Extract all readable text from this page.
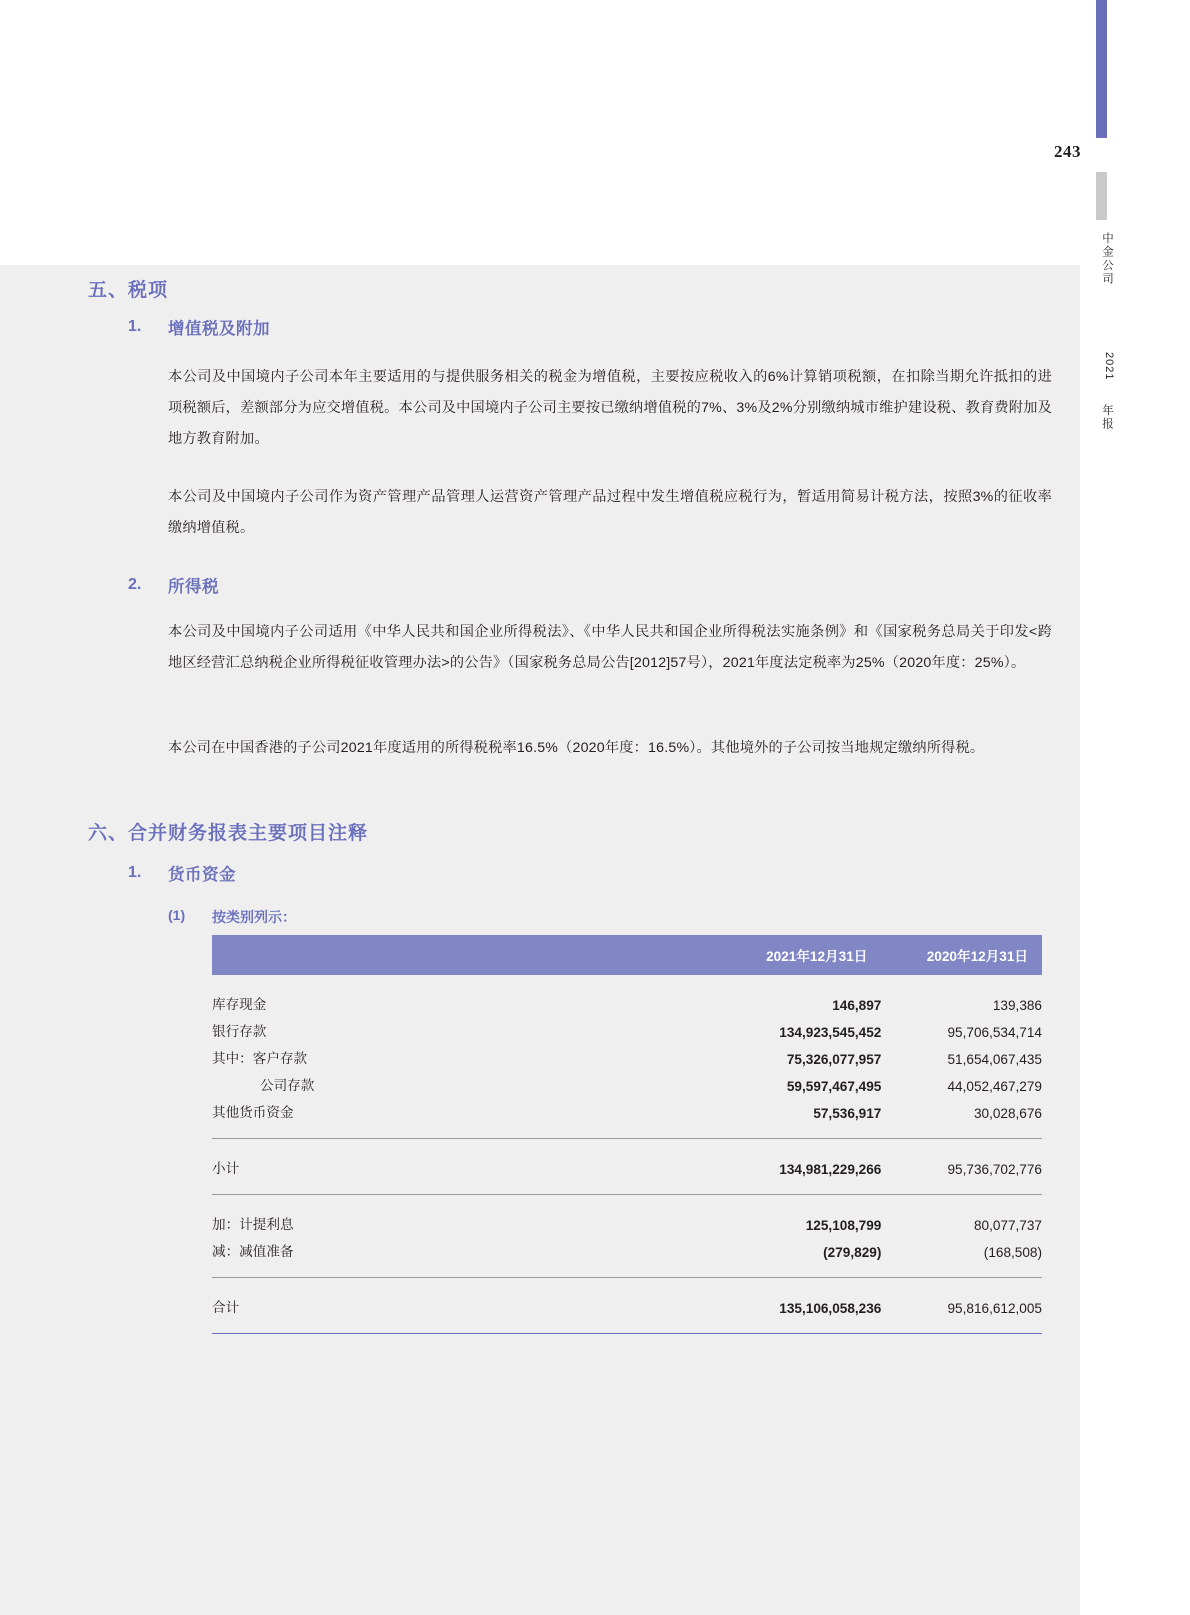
243
中金公司
2021
年报
五、税项
1. 增值税及附加
本公司及中国境内子公司本年主要适用的与提供服务相关的税金为增值税，主要按应税收入的6%计算销项税额，在扣除当期允许抵扣的进项税额后，差额部分为应交增值税。本公司及中国境内子公司主要按已缴纳增值税的7%、3%及2%分别缴纳城市维护建设税、教育费附加及地方教育附加。
本公司及中国境内子公司作为资产管理产品管理人运营资产管理产品过程中发生增值税应税行为，暂适用简易计税方法，按照3%的征收率缴纳增值税。
2. 所得税
本公司及中国境内子公司适用《中华人民共和国企业所得税法》、《中华人民共和国企业所得税法实施条例》和《国家税务总局关于印发<跨地区经营汇总纳税企业所得税征收管理办法>的公告》（国家税务总局公告[2012]57号），2021年度法定税率为25%（2020年度：25%）。
本公司在中国香港的子公司2021年度适用的所得税税率16.5%（2020年度：16.5%）。其他境外的子公司按当地规定缴纳所得税。
六、合并财务报表主要项目注释
1. 货币资金
(1) 按类别列示：
	2021年12月31日	2020年12月31日

库存现金	146,897	139,386
银行存款	134,923,545,452	95,706,534,714
其中：客户存款	75,326,077,957	51,654,067,435
公司存款	59,597,467,495	44,052,467,279
其他货币资金	57,536,917	30,028,676

小计	134,981,229,266	95,736,702,776

加：计提利息	125,108,799	80,077,737
减：减值准备	(279,829)	(168,508)

合计	135,106,058,236	95,816,612,005
